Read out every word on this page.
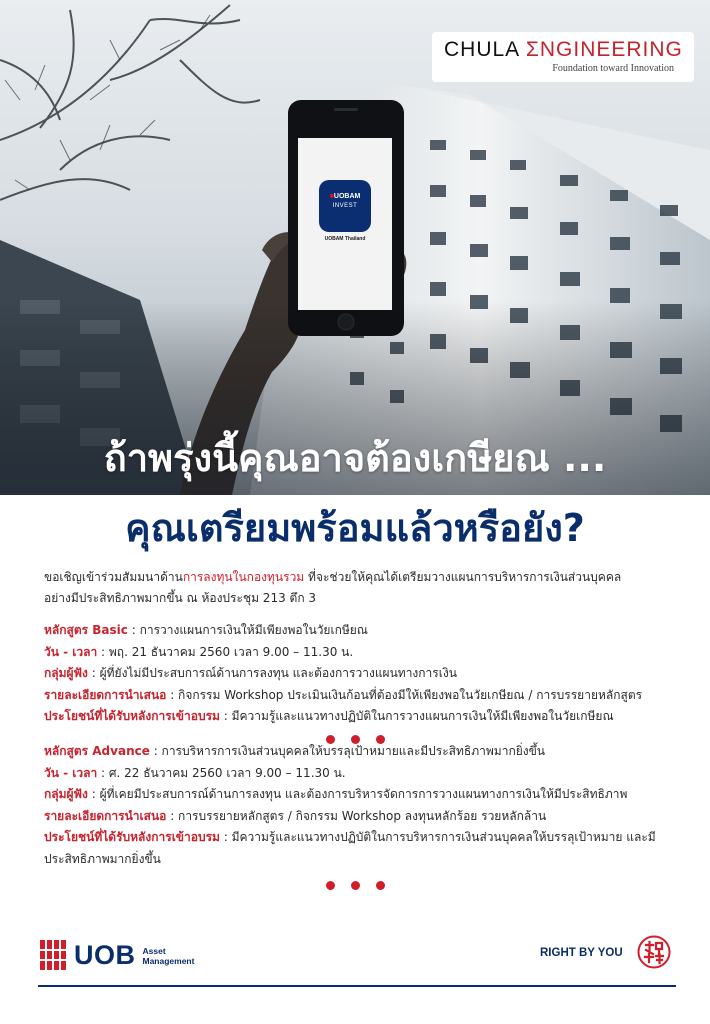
■UOBAM
INVEST
UOBAM Thailand
CHULA ΣNGINEERING
Foundation toward Innovation
ถ้าพรุ่งนี้คุณอาจต้องเกษียณ ...
คุณเตรียมพร้อมแล้วหรือยัง?
ขอเชิญเข้าร่วมสัมมนาด้านการลงทุนในกองทุนรวม ที่จะช่วยให้คุณได้เตรียมวางแผนการบริหารการเงินส่วนบุคคล
อย่างมีประสิทธิภาพมากขึ้น ณ ห้องประชุม 213 ตึก 3
หลักสูตร Basic : การวางแผนการเงินให้มีเพียงพอในวัยเกษียณ
วัน - เวลา : พฤ. 21 ธันวาคม 2560 เวลา 9.00 – 11.30 น.
กลุ่มผู้ฟัง : ผู้ที่ยังไม่มีประสบการณ์ด้านการลงทุน และต้องการวางแผนทางการเงิน
รายละเอียดการนำเสนอ : กิจกรรม Workshop ประเมินเงินก้อนที่ต้องมีให้เพียงพอในวัยเกษียณ / การบรรยายหลักสูตร
ประโยชน์ที่ได้รับหลังการเข้าอบรม : มีความรู้และแนวทางปฏิบัติในการวางแผนการเงินให้มีเพียงพอในวัยเกษียณ
หลักสูตร Advance : การบริหารการเงินส่วนบุคคลให้บรรลุเป้าหมายและมีประสิทธิภาพมากยิ่งขึ้น
วัน - เวลา : ศ. 22 ธันวาคม 2560 เวลา 9.00 – 11.30 น.
กลุ่มผู้ฟัง : ผู้ที่เคยมีประสบการณ์ด้านการลงทุน และต้องการบริหารจัดการการวางแผนทางการเงินให้มีประสิทธิภาพ
รายละเอียดการนำเสนอ : การบรรยายหลักสูตร / กิจกรรม Workshop ลงทุนหลักร้อย รวยหลักล้าน
ประโยชน์ที่ได้รับหลังการเข้าอบรม : มีความรู้และแนวทางปฏิบัติในการบริหารการเงินส่วนบุคคลให้บรรลุเป้าหมาย และมีประสิทธิภาพมากยิ่งขึ้น
UOB Asset
Management
RIGHT BY YOU
